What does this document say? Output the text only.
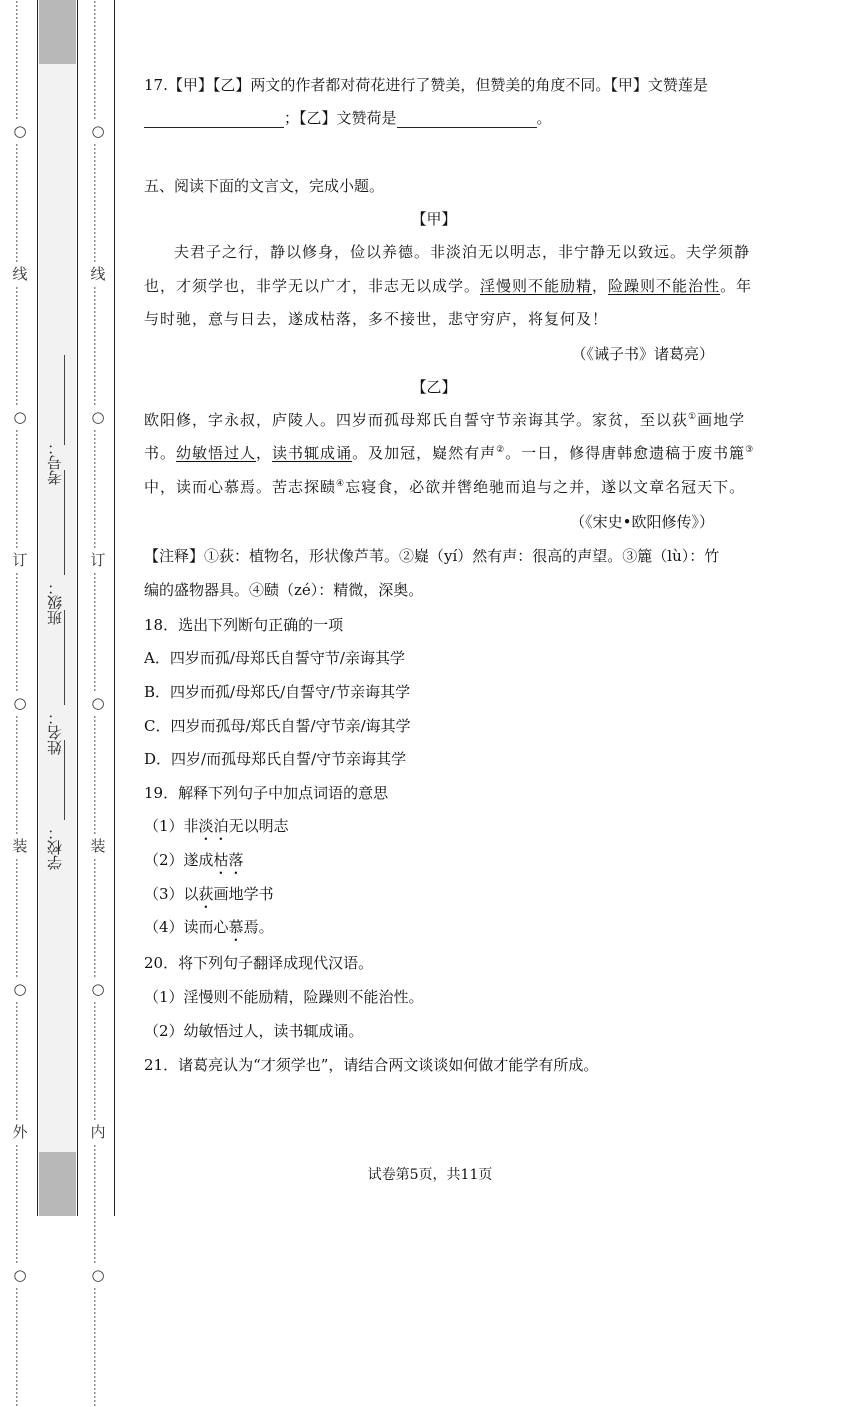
…………………………
○
…………………………
线
…………………………
○
…………………………
订
…………………………
○
…………………………
装
…………………………
○
…………………………
外
…………………………
○
…………………………
…………………………
○
…………………………
线
…………………………
○
…………………………
订
…………………………
○
…………………………
装
…………………………
○
…………………………
内
…………………………
○
…………………………
考号：
班级：
姓名：
学校：
17.【甲】【乙】两文的作者都对荷花进行了赞美，但赞美的角度不同。【甲】文赞莲是
；【乙】文赞荷是	。
五、阅读下面的文言文，完成小题。
【甲】
夫君子之行，静以修身，俭以养德。非淡泊无以明志，非宁静无以致远。夫学须静
也，才须学也，非学无以广才，非志无以成学。淫慢则不能励精，险躁则不能治性。年
与时驰，意与日去，遂成枯落，多不接世，悲守穷庐，将复何及！
（《诫子书》诸葛亮）
【乙】
欧阳修，字永叔，庐陵人。四岁而孤母郑氏自誓守节亲诲其学。家贫，至以荻①画地学
书。幼敏悟过人，读书辄成诵。及加冠，嶷然有声②。一日，修得唐韩愈遗稿于废书簏③
中，读而心慕焉。苦志探赜④忘寝食，必欲并辔绝驰而追与之并，遂以文章名冠天下。
（《宋史•欧阳修传》）
【注释】①荻：植物名，形状像芦苇。②嶷（yí）然有声：很高的声望。③簏（lù）：竹
编的盛物器具。④赜（zé）：精微，深奥。
18．选出下列断句正确的一项
A．四岁而孤/母郑氏自誓守节/亲诲其学
B．四岁而孤/母郑氏/自誓守/节亲诲其学
C．四岁而孤母/郑氏自誓/守节亲/诲其学
D．四岁/而孤母郑氏自誓/守节亲诲其学
19．解释下列句子中加点词语的意思
（1）非淡泊无以明志
（2）遂成枯落
（3）以荻画地学书
（4）读而心慕焉。
20．将下列句子翻译成现代汉语。
（1）淫慢则不能励精，险躁则不能治性。
（2）幼敏悟过人，读书辄成诵。
21．诸葛亮认为“才须学也”，请结合两文谈谈如何做才能学有所成。
试卷第5页，共11页
